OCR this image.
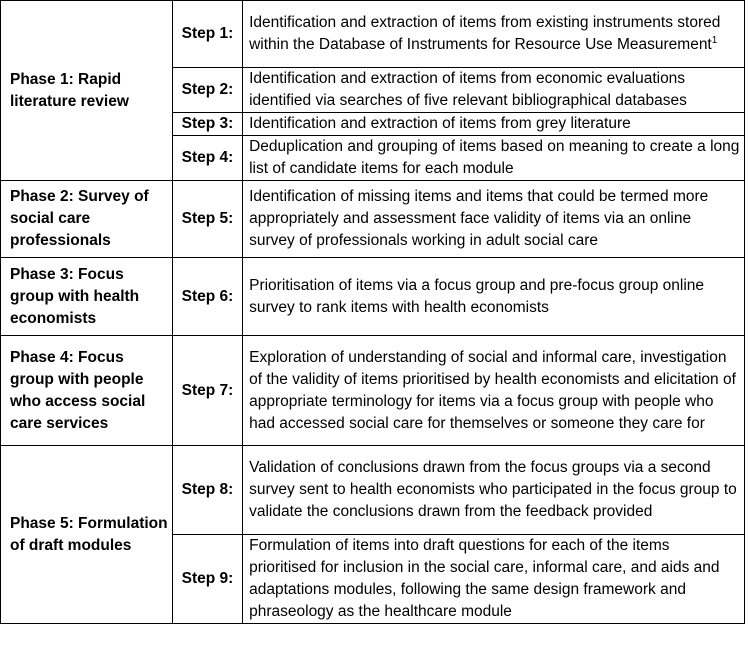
Phase 1: Rapid literature review	Step 1:	Identification and extraction of items from existing instruments stored within the Database of Instruments for Resource Use Measurement$^1$	
	Step 2:	Identification and extraction of items from economic evaluations identified via searches of five relevant bibliographical databases	
	Step 3:	Identification and extraction of items from grey literature	
	Step 4:	Deduplication and grouping of items based on meaning to create a long list of candidate items for each module	
Phase 2: Survey of social care professionals	Step 5:	Identification of missing items and items that could be termed more appropriately and assessment face validity of items via an online survey of professionals working in adult social care	
Phase 3: Focus group with health economists	Step 6:	Prioritisation of items via a focus group and pre-focus group online survey to rank items with health economists	
Phase 4: Focus group with people who access social care services	Step 7:	Exploration of understanding of social and informal care, investigation of the validity of items prioritised by health economists and elicitation of appropriate terminology for items via a focus group with people who had accessed social care for themselves or someone they care for	
Phase 5: Formulation of draft modules	Step 8:	Validation of conclusions drawn from the focus groups via a second survey sent to health economists who participated in the focus group to validate the conclusions drawn from the feedback provided	
	Step 9:	Formulation of items into draft questions for each of the items prioritised for inclusion in the social care, informal care, and aids and adaptations modules, following the same design framework and phraseology as the healthcare module	
